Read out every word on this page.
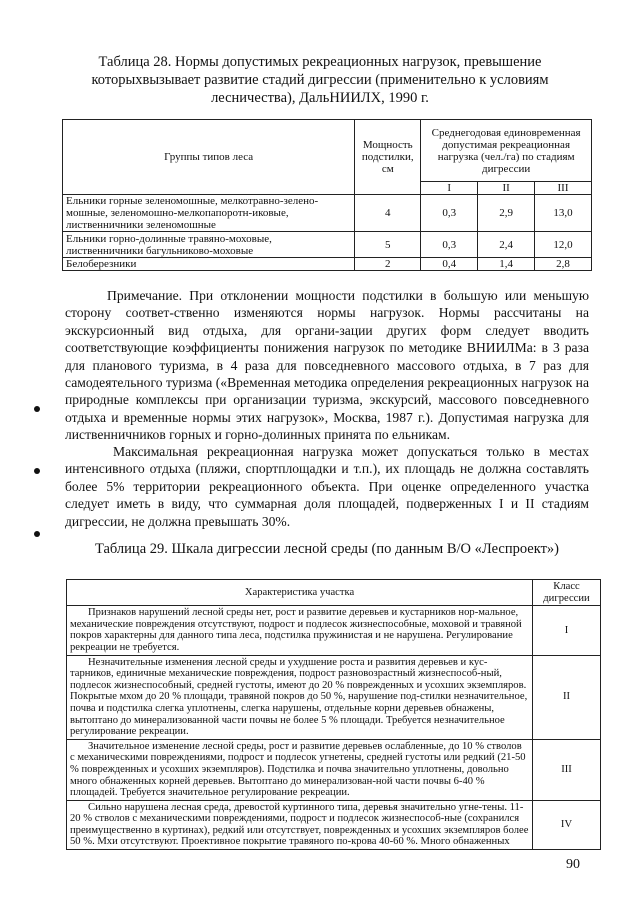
Таблица 28. Нормы допустимых рекреационных нагрузок, превышение
которыхвызывает развитие стадий дигрессии (применительно к условиям
лесничества), ДальНИИЛХ, 1990 г.
Группы типов леса	Мощность подстилки, см	Среднегодовая единовременная допустимая рекреационная нагрузка (чел./га) по стадиям дигрессии		
		I	II	III
Ельники горные зеленомошные, мелкотравно-зелено-мошные, зеленомошно-мелкопапоротн-иковые, лиственничники зеленомошные	4	0,3	2,9	13,0
Ельники горно-долинные травяно-моховые, лиственничники багульниково-моховые	5	0,3	2,4	12,0
Белоберезники	2	0,4	1,4	2,8
Примечание. При отклонении мощности подстилки в большую или меньшую сторону соответ-ственно изменяются нормы нагрузок. Нормы рассчитаны на экскурсионный вид отдыха, для органи-зации других форм следует вводить соответствующие коэффициенты понижения нагрузок по методике ВНИИЛМа: в 3 раза для планового туризма, в 4 раза для повседневного массового отдыха, в 7 раз для самодеятельного туризма («Временная методика определения рекреационных нагрузок на природные комплексы при организации туризма, экскурсий, массового повседневного отдыха и временные нормы этих нагрузок», Москва, 1987 г.). Допустимая нагрузка для лиственничников горных и горно-долинных принята по ельникам.
Максимальная рекреационная нагрузка может допускаться только в местах интенсивного отдыха (пляжи, спортплощадки и т.п.), их площадь не должна составлять более 5% территории рекреационного объекта. При оценке определенного участка следует иметь в виду, что суммарная доля площадей, подверженных I и II стадиям дигрессии, не должна превышать 30%.
Таблица 29. Шкала дигрессии лесной среды (по данным В/О «Леспроект»)
Характеристика участка	Класс дигрессии
Признаков нарушений лесной среды нет, рост и развитие деревьев и кустарников нор-мальное, механические повреждения отсутствуют, подрост и подлесок жизнеспособные, моховой и травяной покров характерны для данного типа леса, подстилка пружинистая и не нарушена. Регулирование рекреации не требуется.	I
Незначительные изменения лесной среды и ухудшение роста и развития деревьев и кус-тарников, единичные механические повреждения, подрост разновозрастный жизнеспособ-ный, подлесок жизнеспособный, средней густоты, имеют до 20 % поврежденных и усохших экземпляров. Покрытые мхом до 20 % площади, травяной покров до 50 %, нарушение под-стилки незначительное, почва и подстилка слегка уплотнены, слегка нарушены, отдельные корни деревьев обнажены, вытоптано до минерализованной части почвы не более 5 % площади. Требуется незначительное регулирование рекреации.	II
Значительное изменение лесной среды, рост и развитие деревьев ослабленные, до 10 % стволов с механическими повреждениями, подрост и подлесок угнетены, средней густоты или редкий (21-50 % поврежденных и усохших экземпляров). Подстилка и почва значительно уплотнены, довольно много обнаженных корней деревьев. Вытоптано до минерализован-ной части почвы 6-40 % площадей. Требуется значительное регулирование рекреации.	III
Сильно нарушена лесная среда, древостой куртинного типа, деревья значительно угне-тены. 11-20 % стволов с механическими повреждениями, подрост и подлесок жизнеспособ-ные (сохранился преимущественно в куртинах), редкий или отсутствует, поврежденных и усохших экземпляров более 50 %. Мхи отсутствуют. Проективное покрытие травяного по-крова 40-60 %. Много обнаженных	IV
90
